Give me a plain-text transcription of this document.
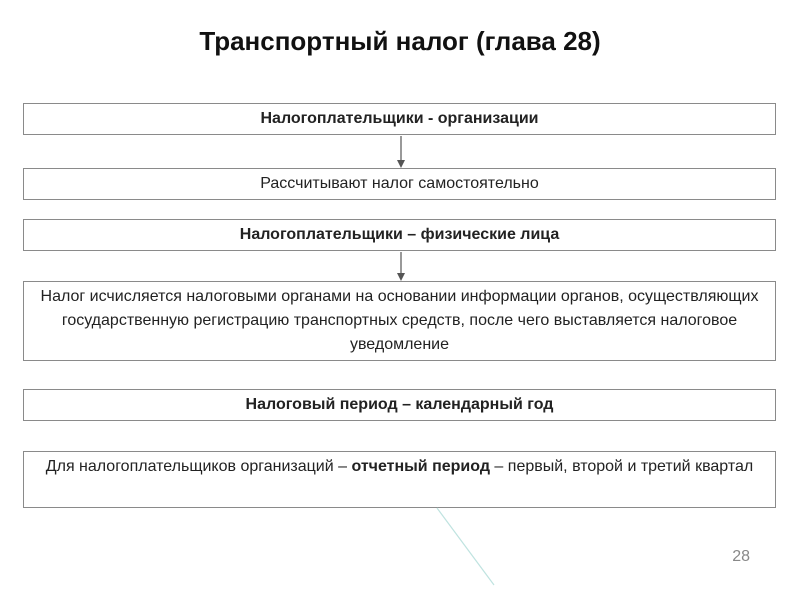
Транспортный налог (глава 28)
Налогоплательщики - организации
Рассчитывают налог самостоятельно
Налогоплательщики – физические лица
Налог исчисляется налоговыми органами на основании информации органов, осуществляющих государственную регистрацию транспортных средств, после чего выставляется налоговое уведомление
Налоговый период – календарный год
Для налогоплательщиков организаций – отчетный период – первый, второй и третий квартал
28
